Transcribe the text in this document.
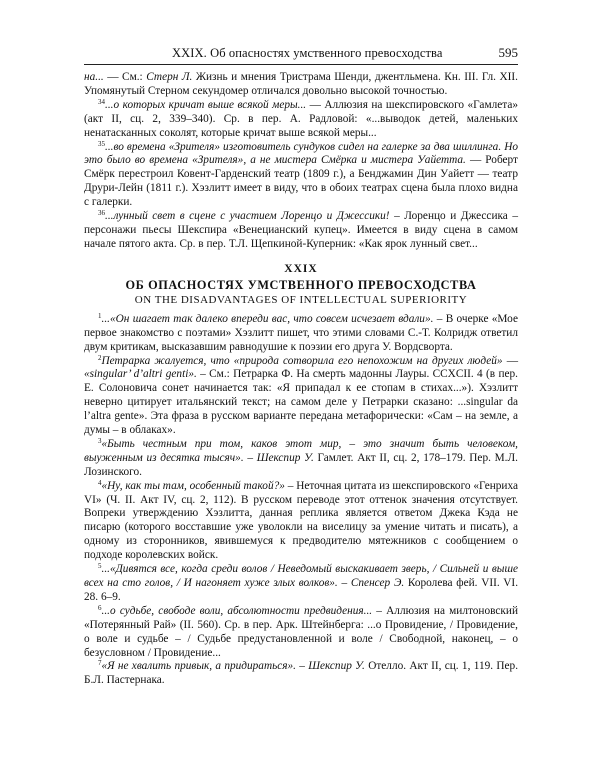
XXIX. Об опасностях умственного превосходства	595

на... — См.: Стерн Л. Жизнь и мнения Тристрама Шенди, джентльмена. Кн. III. Гл. XII. Упомянутый Стерном секундомер отличался довольно высокой точностью.

$^{34}$...о которых кричат выше всякой меры... — Аллюзия на шекспировского «Гамлета» (акт II, сц. 2, 339–340). Ср. в пер. А. Радловой: «...выводок детей, маленьких ненатасканных соколят, которые кричат выше всякой меры...

$^{35}$...во времена «Зрителя» изготовитель сундуков сидел на галерке за два шиллинга. Но это было во времена «Зрителя», а не мистера Смёрка и мистера Уайетта. — Роберт Смёрк перестроил Ковент-Гарденский театр (1809 г.), а Бенджамин Дин Уайетт — театр Друри-Лейн (1811 г.). Хэзлитт имеет в виду, что в обоих театрах сцена была плохо видна с галерки.

$^{36}$...лунный свет в сцене с участием Лоренцо и Джессики! – Лоренцо и Джессика – персонажи пьесы Шекспира «Венецианский купец». Имеется в виду сцена в самом начале пятого акта. Ср. в пер. Т.Л. Щепкиной-Куперник: «Как ярок лунный свет...

XXIX
ОБ ОПАСНОСТЯХ УМСТВЕННОГО ПРЕВОСХОДСТВА
ON THE DISADVANTAGES OF INTELLECTUAL SUPERIORITY

$^1$...«Он шагает так далеко впереди вас, что совсем исчезает вдали». – В очерке «Мое первое знакомство с поэтами» Хэзлитт пишет, что этими словами С.-Т. Колридж ответил двум критикам, высказавшим равнодушие к поэзии его друга У. Вордсворта.

$^2$Петрарка жалуется, что «природа сотворила его непохожим на других людей» — «singular’ d’altri genti». – См.: Петрарка Ф. На смерть мадонны Лауры. CCXCII. 4 (в пер. Е. Солоновича сонет начинается так: «Я припадал к ее стопам в стихах...»). Хэзлитт неверно цитирует итальянский текст; на самом деле у Петрарки сказано: ...singular da l’altra gente». Эта фраза в русском варианте передана метафорически: «Сам – на земле, а думы – в облаках».

$^3$«Быть честным при том, каков этот мир, – это значит быть человеком, выуженным из десятка тысяч». – Шекспир У. Гамлет. Акт II, сц. 2, 178–179. Пер. М.Л. Лозинского.

$^4$«Ну, как ты там, особенный такой?» – Неточная цитата из шекспировского «Генриха VI» (Ч. II. Акт IV, сц. 2, 112). В русском переводе этот оттенок значения отсутствует. Вопреки утверждению Хэзлитта, данная реплика является ответом Джека Кэда не писарю (которого восставшие уже уволокли на виселицу за умение читать и писать), а одному из сторонников, явившемуся к предводителю мятежников с сообщением о подходе королевских войск.

$^5$...«Дивятся все, когда среди волов / Неведомый выскакивает зверь, / Сильней и выше всех на сто голов, / И нагоняет хуже злых волков». – Спенсер Э. Королева фей. VII. VI. 28. 6–9.

$^6$...о судьбе, свободе воли, абсолютности предвидения... – Аллюзия на милтоновский «Потерянный Рай» (II. 560). Ср. в пер. Арк. Штейнберга: ...о Провидение, / Провидение, о воле и судьбе – / Судьбе предустановленной и воле / Свободной, наконец, – о безусловном / Провидение...

$^7$«Я не хвалить привык, а придираться». – Шекспир У. Отелло. Акт II, сц. 1, 119. Пер. Б.Л. Пастернака.
